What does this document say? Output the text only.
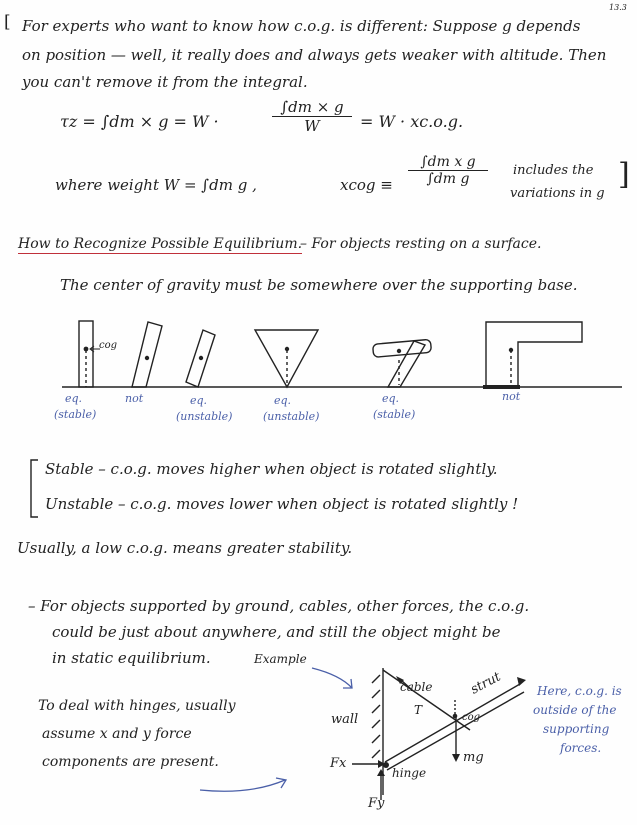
13.3
[ For experts who want to know how c.o.g. is different: Suppose g depends
on position — well, it really does and always gets weaker with altitude. Then
you can't remove it from the integral.
τz = ∫dm × g = W ·	$\frac{\int dm \times g}{W} = W \cdot xc.o.g$.
where weight W = ∫dm g ,	xcog ≡ $\frac{\text{∫dm x g}}{\text{∫dm g}}$ includes the
variations in g
]
How to Recognize Possible Equilibrium.
– For objects resting on a surface.
The center of gravity must be somewhere over the supporting base.
cog
eq.
(stable)
not	eq.
(unstable)
eq.
(unstable)
eq.
(stable)
not
Stable – c.o.g. moves higher when object is rotated slightly.
Unstable – c.o.g. moves lower when object is rotated slightly !
Usually, a low c.o.g. means greater stability.
– For objects supported by ground, cables, other forces, the c.o.g.
could be just about anywhere, and still the object might be
in static equilibrium.	Example
To deal with hinges, usually
assume x and y force
components are present.
wall
cable
T
strut
cog
mg
Fx
Fy
hinge
Here, c.o.g. is
outside of the
supporting
forces.
